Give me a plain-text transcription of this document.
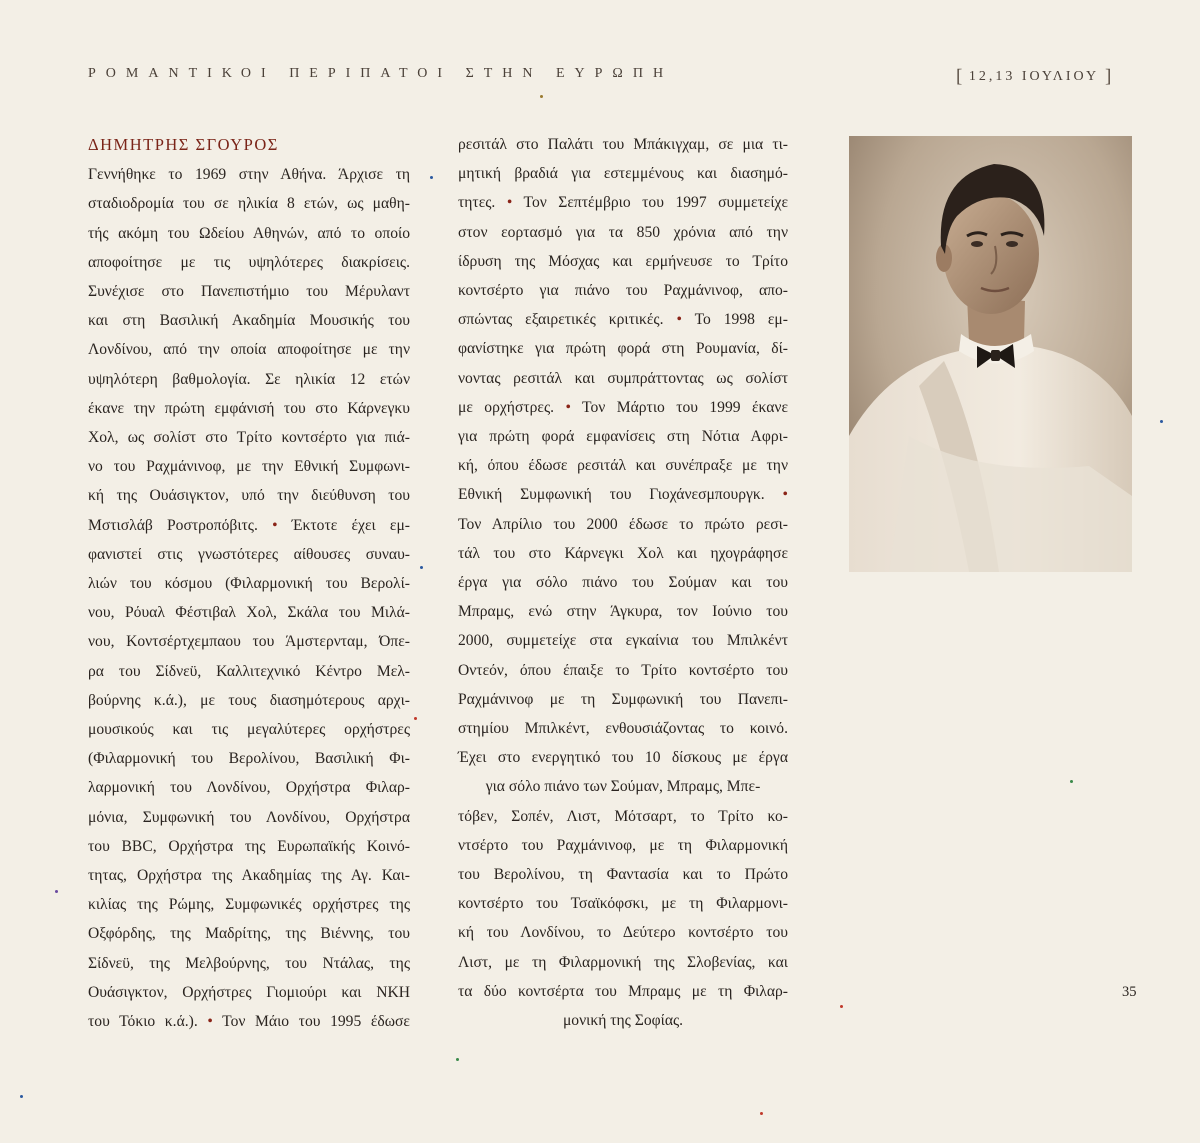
ΡΟΜΑΝΤΙΚΟΙ ΠΕΡΙΠΑΤΟΙ ΣΤΗΝ ΕΥΡΩΠΗ	[ 12,13 ΙΟΥΛΙΟΥ ]
ΔΗΜΗΤΡΗΣ ΣΓΟΥΡΟΣ
Γεννήθηκε το 1969 στην Αθήνα. Άρχισε τη
σταδιοδρομία του σε ηλικία 8 ετών, ως μαθη-
τής ακόμη του Ωδείου Αθηνών, από το οποίο
αποφοίτησε με τις υψηλότερες διακρίσεις.
Συνέχισε στο Πανεπιστήμιο του Μέρυλαντ
και στη Βασιλική Ακαδημία Μουσικής του
Λονδίνου, από την οποία αποφοίτησε με την
υψηλότερη βαθμολογία. Σε ηλικία 12 ετών
έκανε την πρώτη εμφάνισή του στο Κάρνεγκυ
Χολ, ως σολίστ στο Τρίτο κοντσέρτο για πιά-
νο του Ραχμάνινοφ, με την Εθνική Συμφωνι-
κή της Ουάσιγκτον, υπό την διεύθυνση του
Μστισλάβ Ροστροπόβιτς. • Έκτοτε έχει εμ-
φανιστεί στις γνωστότερες αίθουσες συναυ-
λιών του κόσμου (Φιλαρμονική του Βερολί-
νου, Ρόυαλ Φέστιβαλ Χολ, Σκάλα του Μιλά-
νου, Κοντσέρτχεμπαου του Άμστερνταμ, Όπε-
ρα του Σίδνεϋ, Καλλιτεχνικό Κέντρο Μελ-
βούρνης κ.ά.), με τους διασημότερους αρχι-
μουσικούς και τις μεγαλύτερες ορχήστρες
(Φιλαρμονική του Βερολίνου, Βασιλική Φι-
λαρμονική του Λονδίνου, Ορχήστρα Φιλαρ-
μόνια, Συμφωνική του Λονδίνου, Ορχήστρα
του BBC, Ορχήστρα της Ευρωπαϊκής Κοινό-
τητας, Ορχήστρα της Ακαδημίας της Αγ. Και-
κιλίας της Ρώμης, Συμφωνικές ορχήστρες της
Οξφόρδης, της Μαδρίτης, της Βιέννης, του
Σίδνεϋ, της Μελβούρνης, του Ντάλας, της
Ουάσιγκτον, Ορχήστρες Γιομιούρι και ΝΚΗ
του Τόκιο κ.ά.). • Τον Μάιο του 1995 έδωσε
ρεσιτάλ στο Παλάτι του Μπάκιγχαμ, σε μια τι-
μητική βραδιά για εστεμμένους και διασημό-
τητες. • Τον Σεπτέμβριο του 1997 συμμετείχε
στον εορτασμό για τα 850 χρόνια από την
ίδρυση της Μόσχας και ερμήνευσε το Τρίτο
κοντσέρτο για πιάνο του Ραχμάνινοφ, απο-
σπώντας εξαιρετικές κριτικές. • Το 1998 εμ-
φανίστηκε για πρώτη φορά στη Ρουμανία, δί-
νοντας ρεσιτάλ και συμπράττοντας ως σολίστ
με ορχήστρες. • Τον Μάρτιο του 1999 έκανε
για πρώτη φορά εμφανίσεις στη Νότια Αφρι-
κή, όπου έδωσε ρεσιτάλ και συνέπραξε με την
Εθνική Συμφωνική του Γιοχάνεσμπουργκ. •
Τον Απρίλιο του 2000 έδωσε το πρώτο ρεσι-
τάλ του στο Κάρνεγκι Χολ και ηχογράφησε
έργα για σόλο πιάνο του Σούμαν και του
Μπραμς, ενώ στην Άγκυρα, τον Ιούνιο του
2000, συμμετείχε στα εγκαίνια του Μπιλκέντ
Οντεόν, όπου έπαιξε το Τρίτο κοντσέρτο του
Ραχμάνινοφ με τη Συμφωνική του Πανεπι-
στημίου Μπιλκέντ, ενθουσιάζοντας το κοινό.
Έχει στο ενεργητικό του 10 δίσκους με έργα
για σόλο πιάνο των Σούμαν, Μπραμς, Μπε-
τόβεν, Σοπέν, Λιστ, Μότσαρτ, το Τρίτο κο-
ντσέρτο του Ραχμάνινοφ, με τη Φιλαρμονική
του Βερολίνου, τη Φαντασία και το Πρώτο
κοντσέρτο του Τσαϊκόφσκι, με τη Φιλαρμονι-
κή του Λονδίνου, το Δεύτερο κοντσέρτο του
Λιστ, με τη Φιλαρμονική της Σλοβενίας, και
τα δύο κοντσέρτα του Μπραμς με τη Φιλαρ-
μονική της Σοφίας.
35
